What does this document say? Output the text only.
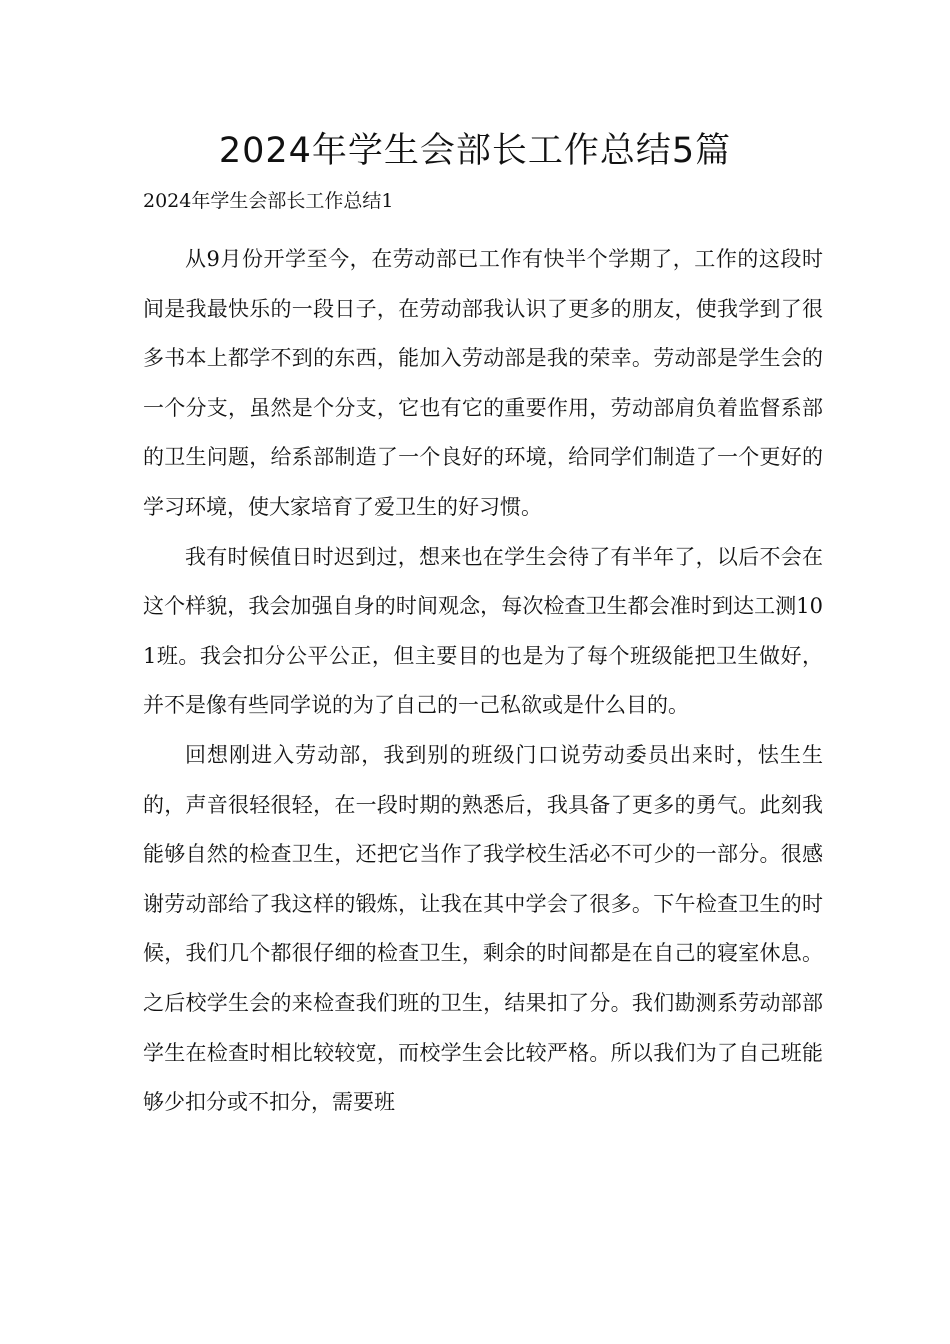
2024年学生会部长工作总结5篇
2024年学生会部长工作总结1

从9月份开学至今，在劳动部已工作有快半个学期了，工作的这段时间是我最快乐的一段日子，在劳动部我认识了更多的朋友，使我学到了很多书本上都学不到的东西，能加入劳动部是我的荣幸。劳动部是学生会的一个分支，虽然是个分支，它也有它的重要作用，劳动部肩负着监督系部的卫生问题，给系部制造了一个良好的环境，给同学们制造了一个更好的学习环境，使大家培育了爱卫生的好习惯。

我有时候值日时迟到过，想来也在学生会待了有半年了，以后不会在这个样貌，我会加强自身的时间观念，每次检查卫生都会准时到达工测101班。我会扣分公平公正，但主要目的也是为了每个班级能把卫生做好，并不是像有些同学说的为了自己的一己私欲或是什么目的。

回想刚进入劳动部，我到别的班级门口说劳动委员出来时，怯生生的，声音很轻很轻，在一段时期的熟悉后，我具备了更多的勇气。此刻我能够自然的检查卫生，还把它当作了我学校生活必不可少的一部分。很感谢劳动部给了我这样的锻炼，让我在其中学会了很多。下午检查卫生的时候，我们几个都很仔细的检查卫生，剩余的时间都是在自己的寝室休息。之后校学生会的来检查我们班的卫生，结果扣了分。我们勘测系劳动部部学生在检查时相比较较宽，而校学生会比较严格。所以我们为了自己班能够少扣分或不扣分，需要班
